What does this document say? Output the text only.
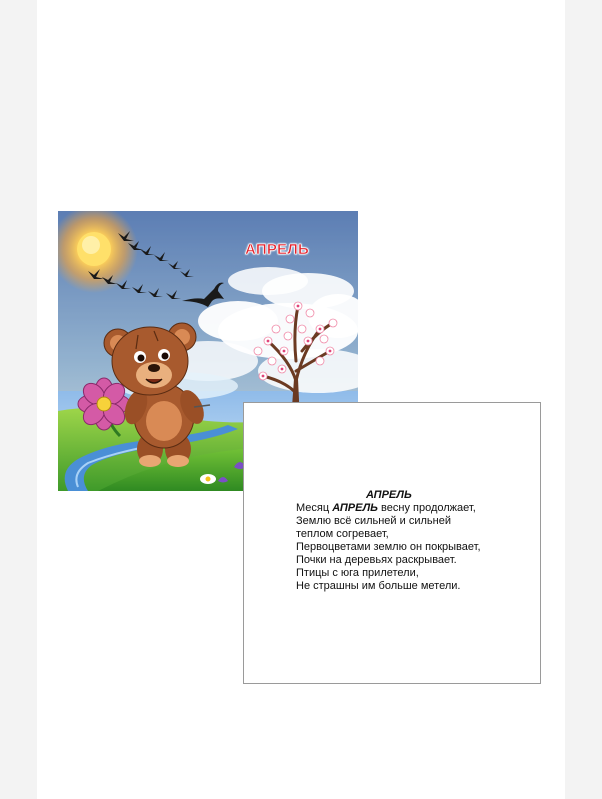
АПРЕЛЬ
АПРЕЛЬ
Месяц АПРЕЛЬ весну продолжает,
Землю всё сильней и сильней
теплом согревает,
Первоцветами землю он покрывает,
Почки на деревьях раскрывает.
Птицы с юга прилетели,
Не страшны им больше метели.
